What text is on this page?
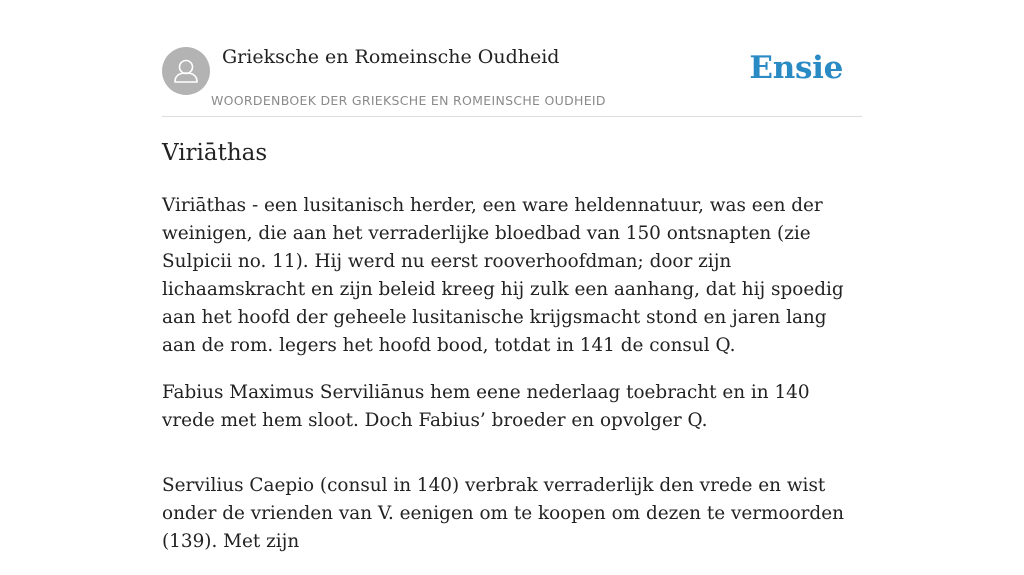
Grieksche en Romeinsche Oudheid
WOORDENBOEK DER GRIEKSCHE EN ROMEINSCHE OUDHEID
Ensie
Viriāthas

Viriāthas - een lusitanisch herder, een ware heldennatuur, was een der weinigen, die aan het verraderlijke bloedbad van 150 ontsnapten (zie Sulpicii no. 11). Hij werd nu eerst rooverhoofdman; door zijn lichaamskracht en zijn beleid kreeg hij zulk een aanhang, dat hij spoedig aan het hoofd der geheele lusitanische krijgsmacht stond en jaren lang aan de rom. legers het hoofd bood, totdat in 141 de consul Q.

Fabius Maximus Serviliānus hem eene nederlaag toebracht en in 140 vrede met hem sloot. Doch Fabius’ broeder en opvolger Q.

Servilius Caepio (consul in 140) verbrak verraderlijk den vrede en wist onder de vrienden van V. eenigen om te koopen om dezen te vermoorden (139). Met zijn
